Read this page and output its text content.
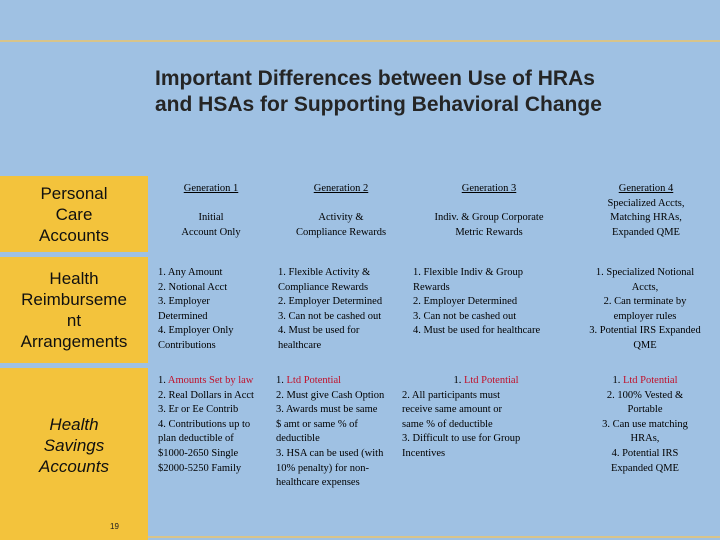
Important Differences between Use of HRAs
and HSAs for Supporting Behavioral Change
Personal
Care
Accounts
Health
Reimburseme
nt
Arrangements
Health
Savings
Accounts
19
Generation 1
Initial
Account Only
Generation 2
Activity &
Compliance Rewards
Generation 3
Indiv. & Group Corporate
Metric Rewards
Generation 4
Specialized Accts,
Matching HRAs,
Expanded QME
1. Any Amount
2. Notional Acct
3. Employer
Determined
4. Employer Only
Contributions
1. Flexible Activity &
Compliance Rewards
2. Employer Determined
3. Can not be cashed out
4. Must be used for
healthcare
1. Flexible Indiv & Group
Rewards
2. Employer Determined
3. Can not be cashed out
4. Must be used for healthcare
1. Specialized Notional
Accts,
2. Can terminate by
employer rules
3. Potential IRS Expanded
QME
1. Amounts Set by law
2. Real Dollars in Acct
3. Er or Ee Contrib
4. Contributions up to
plan deductible of
$1000-2650 Single
$2000-5250 Family
1. Ltd Potential
2. Must give Cash Option
3. Awards must be same
$ amt or same % of
deductible
3. HSA can be used (with
10% penalty) for non-
healthcare expenses
1. Ltd Potential
2. All participants must
receive same amount or
same % of deductible
3. Difficult to use for Group
Incentives
1. Ltd Potential
2. 100% Vested &
Portable
3. Can use matching
HRAs,
4. Potential IRS
Expanded QME
